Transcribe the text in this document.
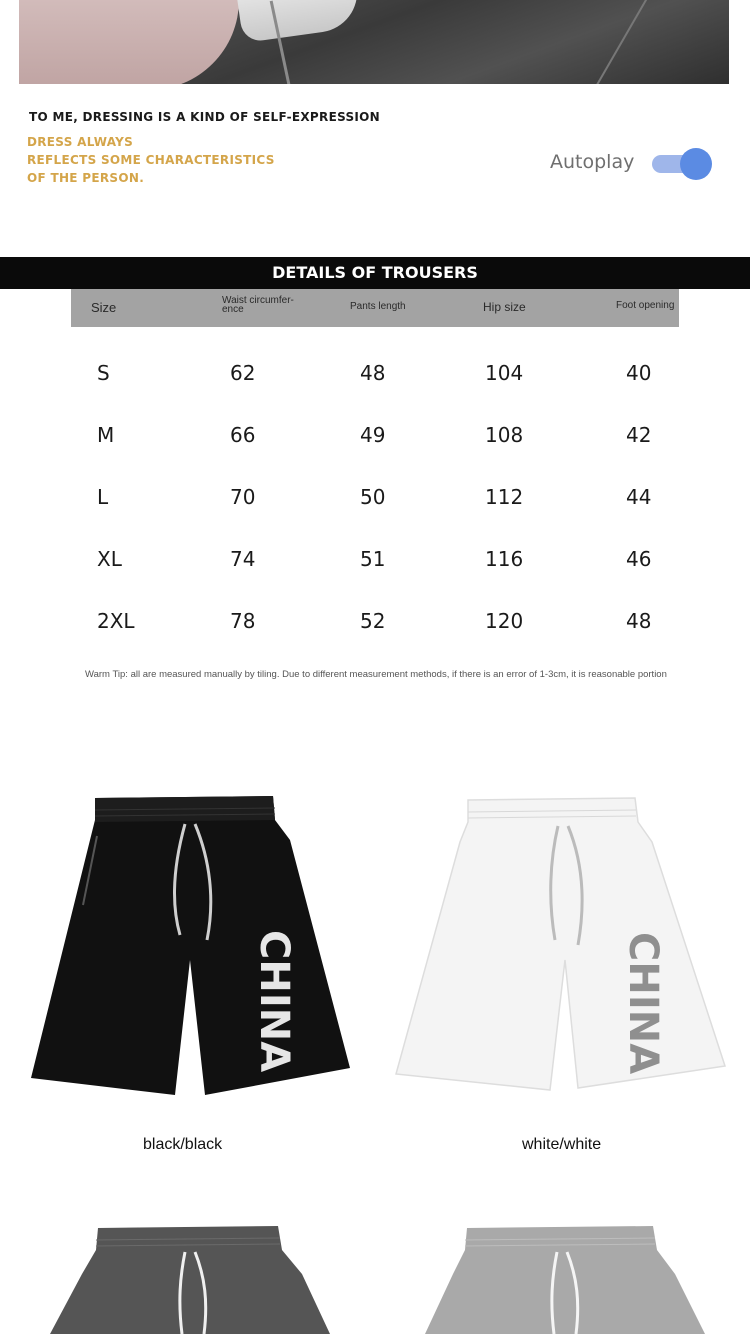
TO ME, DRESSING IS A KIND OF SELF-EXPRESSION
DRESS ALWAYS
REFLECTS SOME CHARACTERISTICS
OF THE PERSON.
Autoplay
DETAILS OF TROUSERS
Size	Waist circumfer-ence	Pants length	Hip size	Foot opening
S	62	48	104	40
M	66	49	108	42
L	70	50	112	44
XL	74	51	116	46
2XL	78	52	120	48
Warm Tip: all are measured manually by tiling. Due to different measurement methods, if there is an error of 1-3cm, it is reasonable portion
CHINA
black/black
CHINA
white/white
